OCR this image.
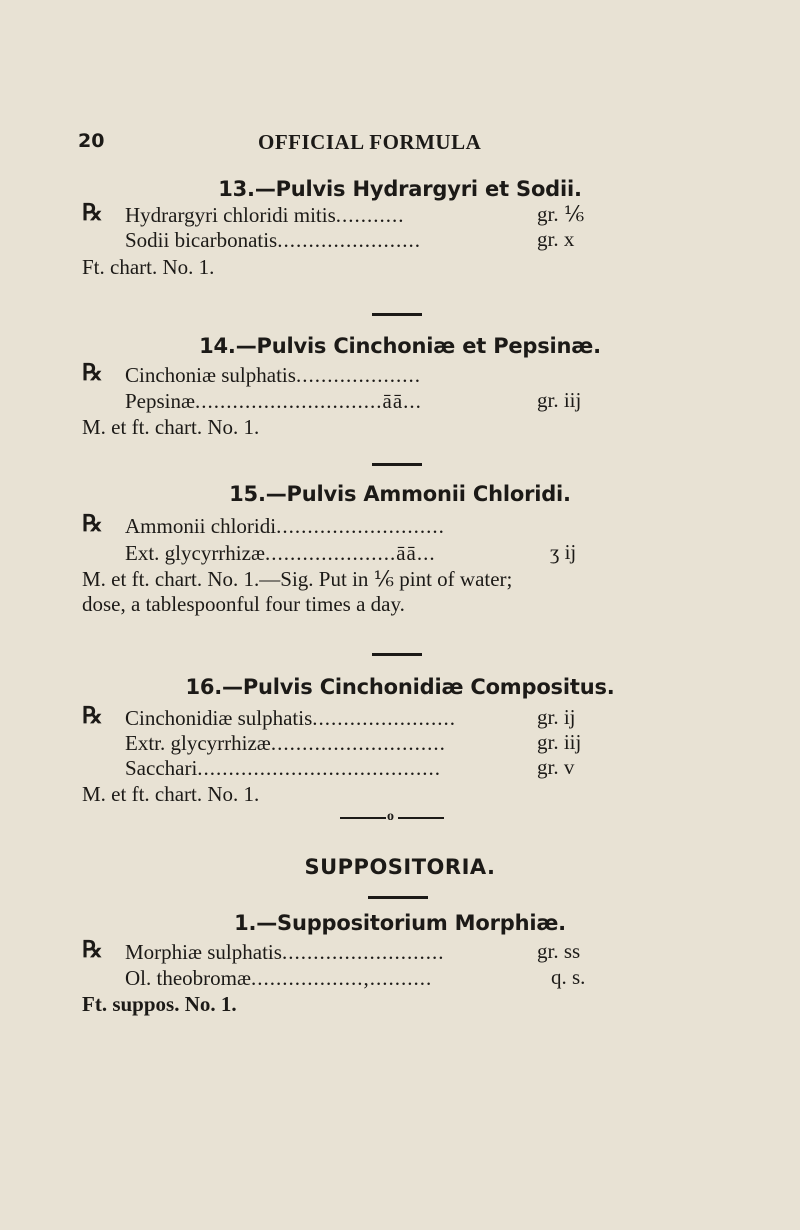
20	OFFICIAL FORMULA
13.—Pulvis Hydrargyri et Sodii.
℞ Hydrargyri chloridi mitis...........	gr. ⅙
Sodii bicarbonatis.......................	gr. x
Ft. chart. No. 1.
14.—Pulvis Cinchoniæ et Pepsinæ.
℞ Cinchoniæ sulphatis....................
Pepsinæ..............................āā...	gr. iij
M. et ft. chart. No. 1.
15.—Pulvis Ammonii Chloridi.
℞ Ammonii chloridi...........................
Ext. glycyrrhizæ.....................āā...	ʒ ij
M. et ft. chart. No. 1.—Sig. Put in ⅙ pint of water;
dose, a tablespoonful four times a day.
16.—Pulvis Cinchonidiæ Compositus.
℞ Cinchonidiæ sulphatis.......................	gr. ij
Extr. glycyrrhizæ............................	gr. iij
Sacchari.......................................	gr. v
M. et ft. chart. No. 1.
o
SUPPOSITORIA.
1.—Suppositorium Morphiæ.
℞ Morphiæ sulphatis..........................	gr. ss
Ol. theobromæ..................,..........	q. s.
Ft. suppos. No. 1.
